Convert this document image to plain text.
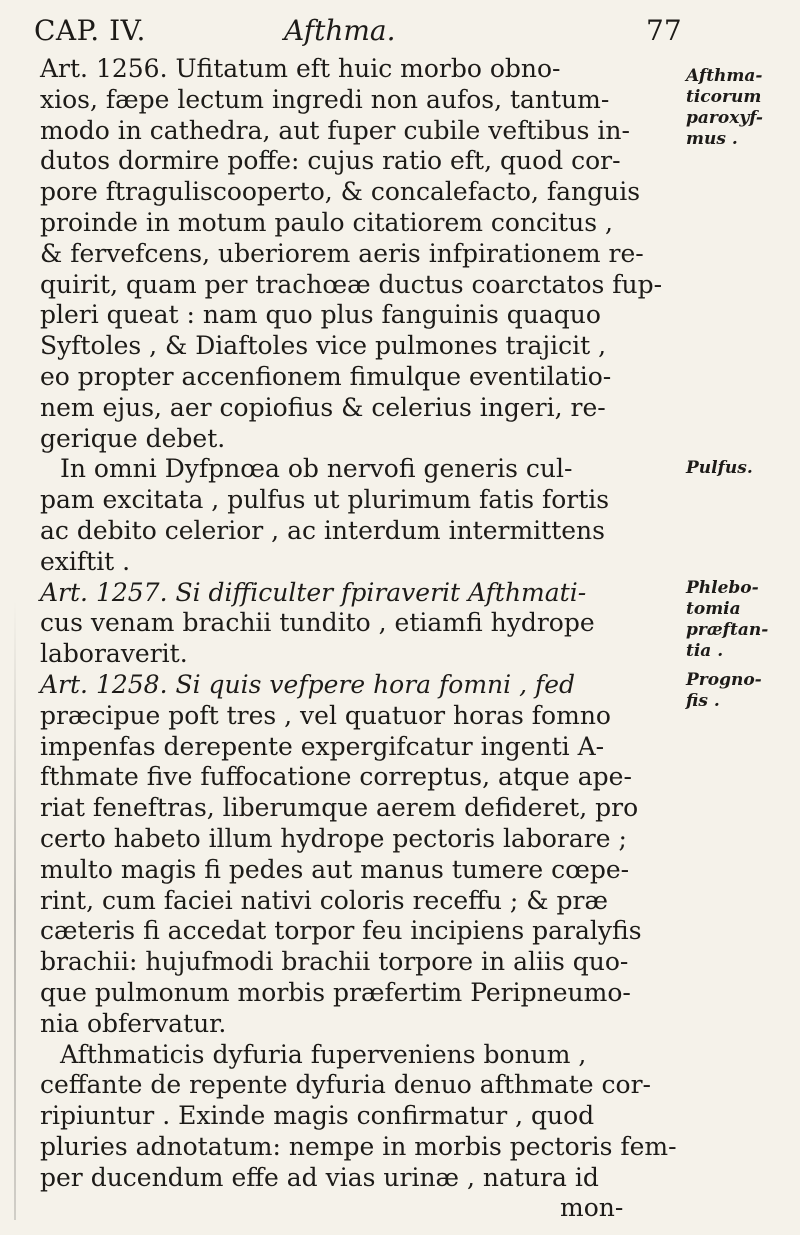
CAP. IV.	Afthma.	77
Art. 1256. Ufitatum eft huic morbo obno-
xios, fæpe lectum ingredi non aufos, tantum-
modo in cathedra, aut fuper cubile veftibus in-
dutos dormire poffe: cujus ratio eft, quod cor-
pore ftraguliscooperto, & concalefacto, fanguis
proinde in motum paulo citatiorem concitus ,
& fervefcens, uberiorem aeris infpirationem re-
quirit, quam per trachœæ ductus coarctatos fup-
pleri queat : nam quo plus fanguinis quaquo
Syftoles , & Diaftoles vice pulmones trajicit ,
eo propter accenfionem fimulque eventilatio-
nem ejus, aer copiofius & celerius ingeri, re-
gerique debet.
In omni Dyfpnœa ob nervofi generis cul-
pam excitata , pulfus ut plurimum fatis fortis
ac debito celerior , ac interdum intermittens
exiftit .
Art. 1257. Si difficulter fpiraverit Afthmati-
cus venam brachii tundito , etiamfi hydrope
laboraverit.
Art. 1258. Si quis vefpere hora fomni , fed
præcipue poft tres , vel quatuor horas fomno
impenfas derepente expergifcatur ingenti A-
fthmate five fuffocatione correptus, atque ape-
riat feneftras, liberumque aerem defideret, pro
certo habeto illum hydrope pectoris laborare ;
multo magis fi pedes aut manus tumere cœpe-
rint, cum faciei nativi coloris receffu ; & præ
cæteris fi accedat torpor feu incipiens paralyfis
brachii: hujufmodi brachii torpore in aliis quo-
que pulmonum morbis præfertim Peripneumo-
nia obfervatur.
Afthmaticis dyfuria fuperveniens bonum ,
ceffante de repente dyfuria denuo afthmate cor-
ripiuntur . Exinde magis confirmatur , quod
pluries adnotatum: nempe in morbis pectoris fem-
per ducendum effe ad vias urinæ , natura id
mon-
Afthma-
ticorum
paroxyf-
mus .
Pulfus.
Phlebo-
tomia
præftan-
tia .
Progno-
fis .
